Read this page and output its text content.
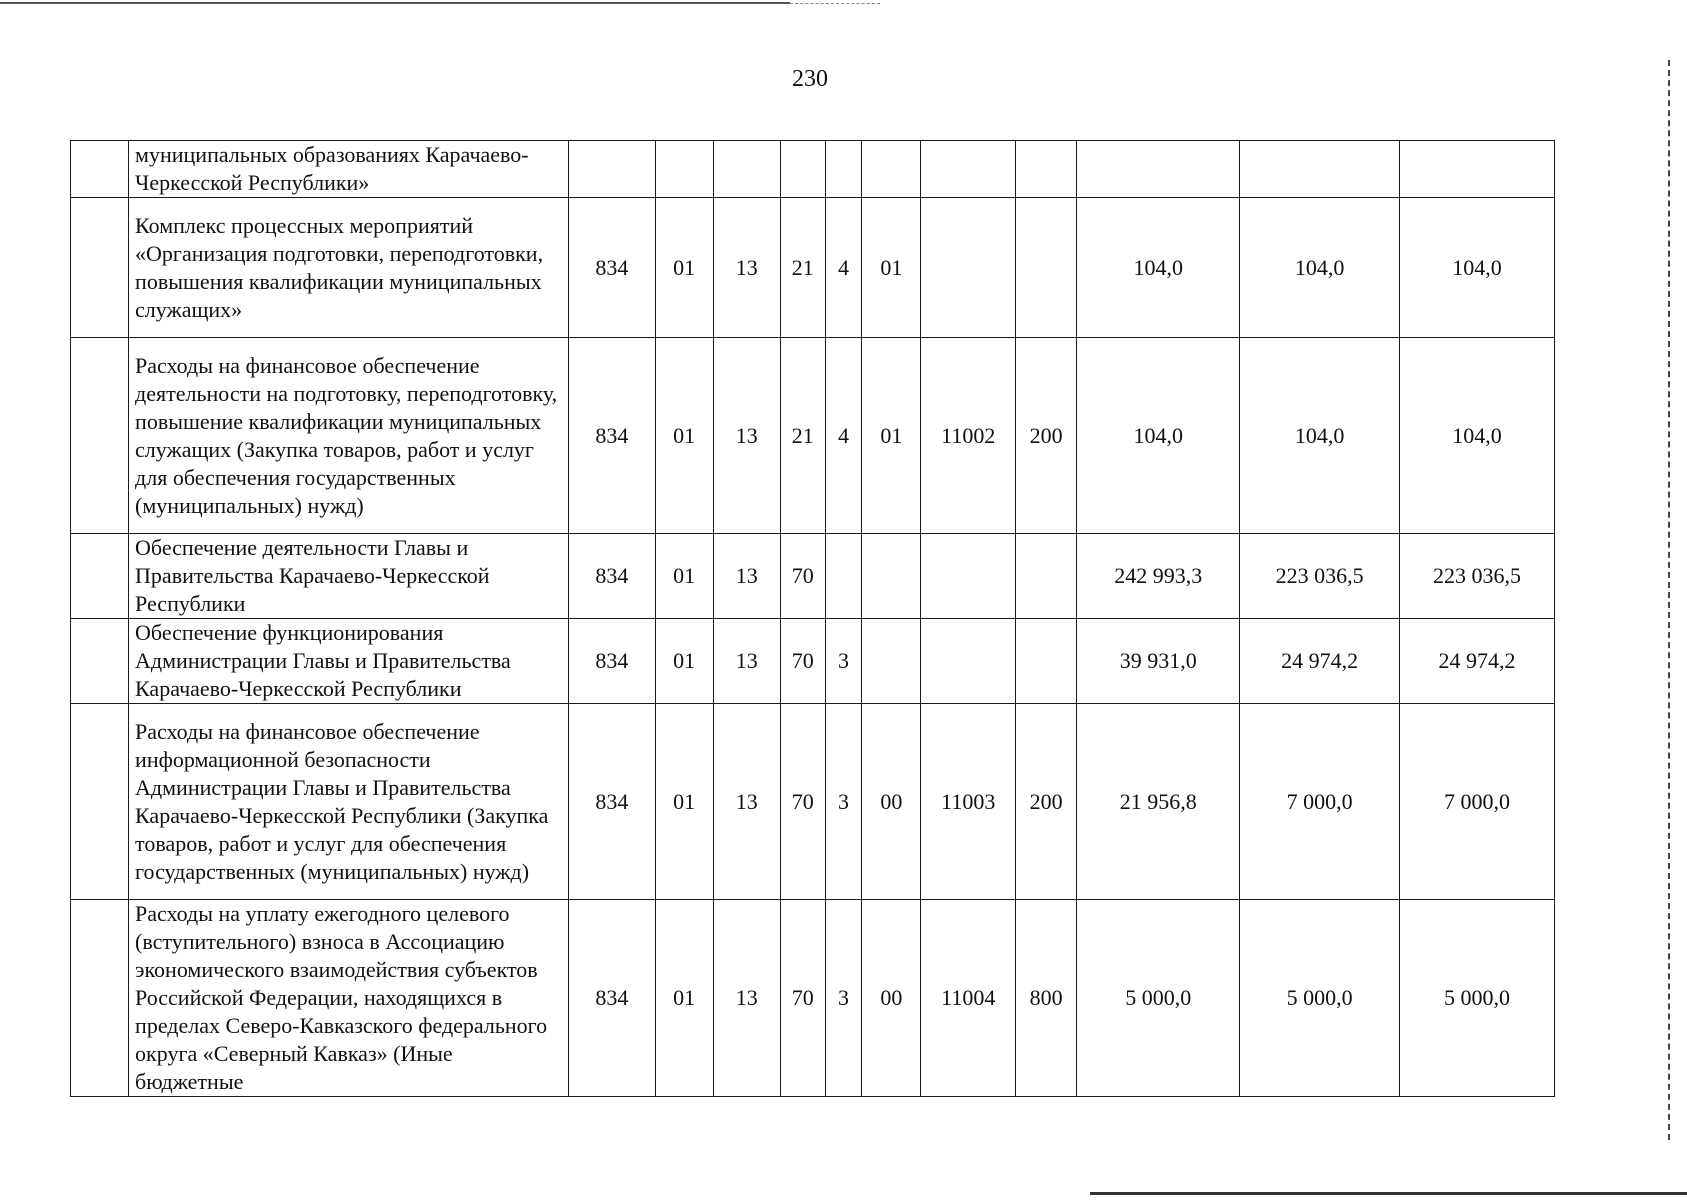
230
	муниципальных образованиях Карачаево-Черкесской Республики»											
	Комплекс процессных мероприятий «Организация подготовки, переподготовки, повышения квалификации муниципальных служащих»	834	01	13	21	4	01			104,0	104,0	104,0
	Расходы на финансовое обеспечение деятельности на подготовку, переподготовку, повышение квалификации муниципальных служащих (Закупка товаров, работ и услуг для обеспечения государственных (муниципальных) нужд)	834	01	13	21	4	01	11002	200	104,0	104,0	104,0
	Обеспечение деятельности Главы и Правительства Карачаево-Черкесской Республики	834	01	13	70					242 993,3	223 036,5	223 036,5
	Обеспечение функционирования Администрации Главы и Правительства Карачаево-Черкесской Республики	834	01	13	70	3				39 931,0	24 974,2	24 974,2
	Расходы на финансовое обеспечение информационной безопасности Администрации Главы и Правительства Карачаево-Черкесской Республики (Закупка товаров, работ и услуг для обеспечения государственных (муниципальных) нужд)	834	01	13	70	3	00	11003	200	21 956,8	7 000,0	7 000,0
	Расходы на уплату ежегодного целевого (вступительного) взноса в Ассоциацию экономического взаимодействия субъектов Российской Федерации, находящихся в пределах Северо-Кавказского федерального округа «Северный Кавказ» (Иные бюджетные	834	01	13	70	3	00	11004	800	5 000,0	5 000,0	5 000,0
